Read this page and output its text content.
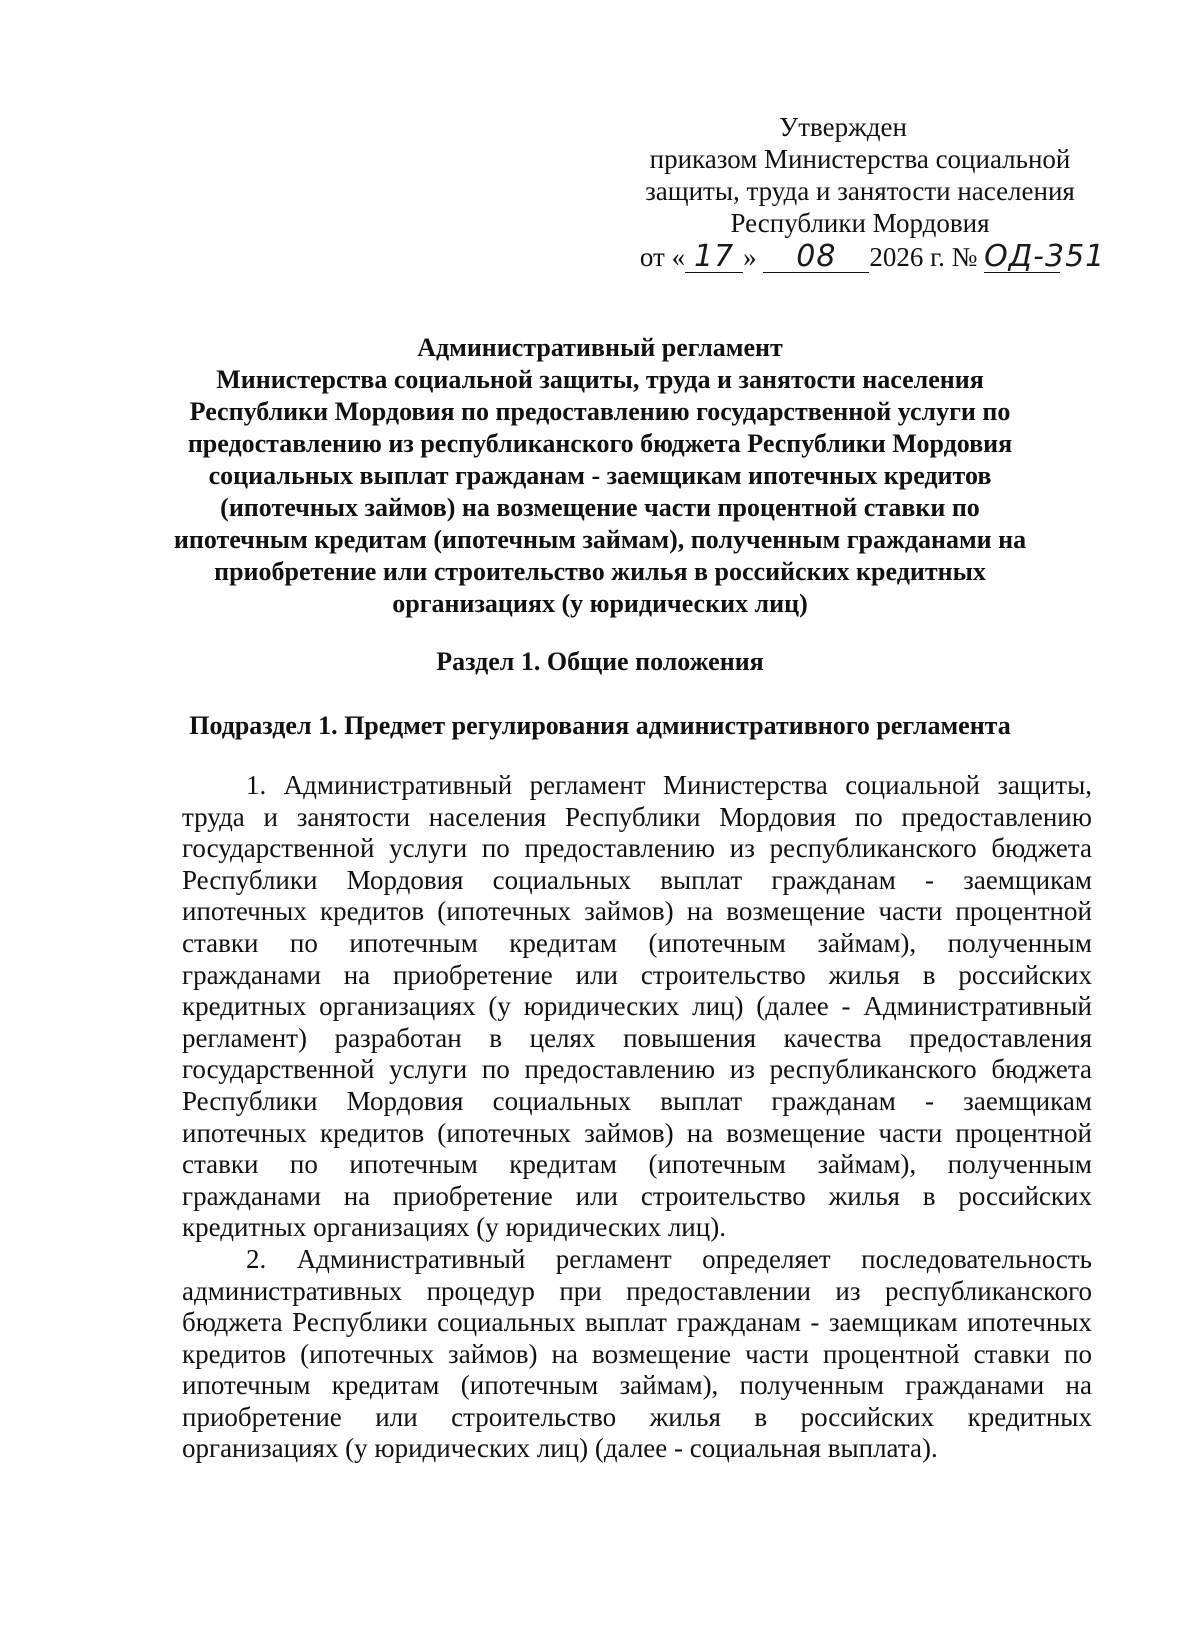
Утвержден
приказом Министерства социальной
защиты, труда и занятости населения
Республики Мордовия
от « 17 » 08 2026 г. № ОД-351
Административный регламент
Министерства социальной защиты, труда и занятости населения
Республики Мордовия по предоставлению государственной услуги по
предоставлению из республиканского бюджета Республики Мордовия
социальных выплат гражданам - заемщикам ипотечных кредитов
(ипотечных займов) на возмещение части процентной ставки по
ипотечным кредитам (ипотечным займам), полученным гражданами на
приобретение или строительство жилья в российских кредитных
организациях (у юридических лиц)
Раздел 1. Общие положения
Подраздел 1. Предмет регулирования административного регламента
1. Административный регламент Министерства социальной защиты,
труда и занятости населения Республики Мордовия по предоставлению
государственной услуги по предоставлению из республиканского бюджета
Республики Мордовия социальных выплат гражданам - заемщикам
ипотечных кредитов (ипотечных займов) на возмещение части процентной
ставки по ипотечным кредитам (ипотечным займам), полученным
гражданами на приобретение или строительство жилья в российских
кредитных организациях (у юридических лиц) (далее - Административный
регламент) разработан в целях повышения качества предоставления
государственной услуги по предоставлению из республиканского бюджета
Республики Мордовия социальных выплат гражданам - заемщикам
ипотечных кредитов (ипотечных займов) на возмещение части процентной
ставки по ипотечным кредитам (ипотечным займам), полученным
гражданами на приобретение или строительство жилья в российских
кредитных организациях (у юридических лиц).
2. Административный регламент определяет последовательность
административных процедур при предоставлении из республиканского
бюджета Республики социальных выплат гражданам - заемщикам ипотечных
кредитов (ипотечных займов) на возмещение части процентной ставки по
ипотечным кредитам (ипотечным займам), полученным гражданами на
приобретение или строительство жилья в российских кредитных
организациях (у юридических лиц) (далее - социальная выплата).
